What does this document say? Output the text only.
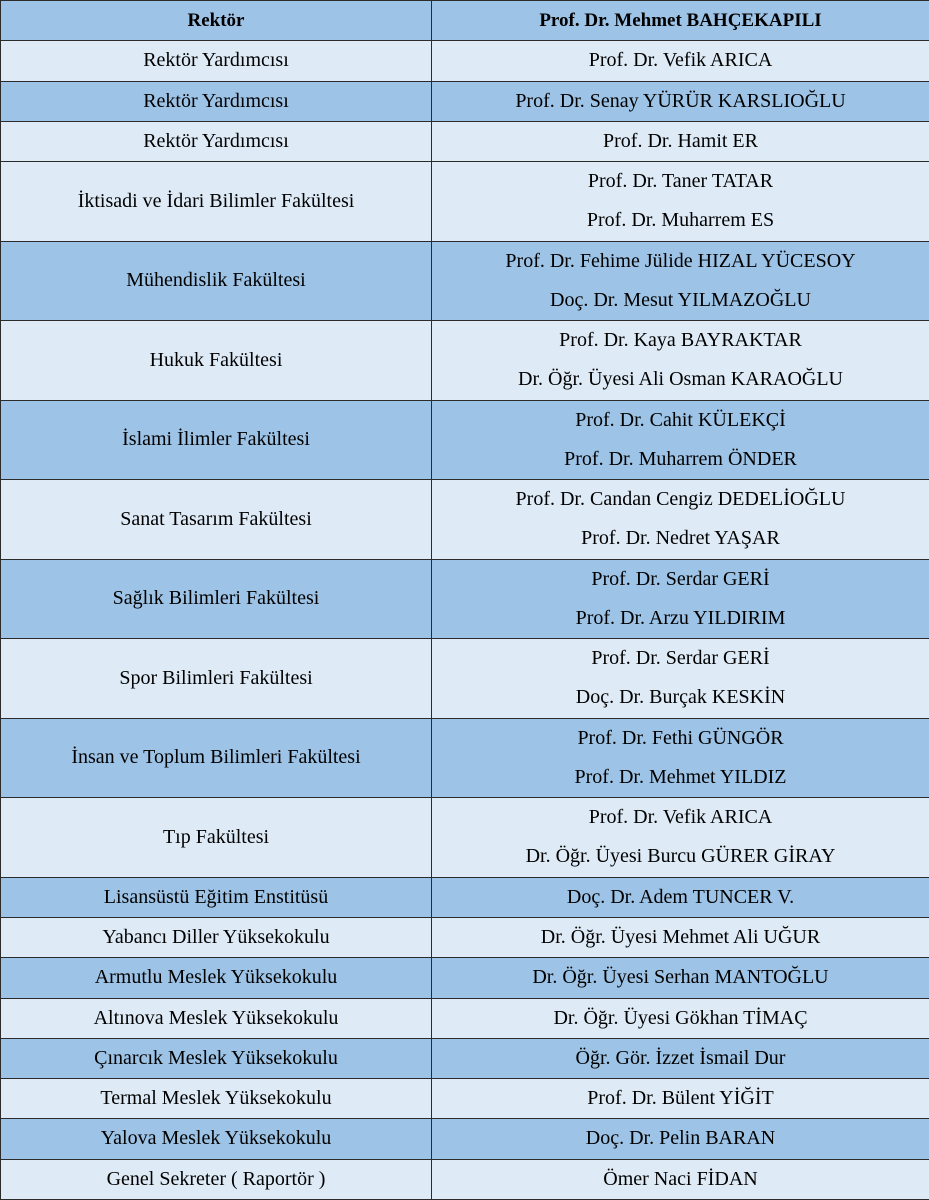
Rektör	Prof. Dr. Mehmet BAHÇEKAPILI

Rektör Yardımcısı	Prof. Dr. Vefik ARICA

Rektör Yardımcısı	Prof. Dr. Senay YÜRÜR KARSLIOĞLU

Rektör Yardımcısı	Prof. Dr. Hamit ER

İktisadi ve İdari Bilimler Fakültesi	Prof. Dr. Taner TATAR
Prof. Dr. Muharrem ES

Mühendislik Fakültesi	Prof. Dr. Fehime Jülide HIZAL YÜCESOY
Doç. Dr. Mesut YILMAZOĞLU

Hukuk Fakültesi	Prof. Dr. Kaya BAYRAKTAR
Dr. Öğr. Üyesi Ali Osman KARAOĞLU

İslami İlimler Fakültesi	Prof. Dr. Cahit KÜLEKÇİ
Prof. Dr. Muharrem ÖNDER

Sanat Tasarım Fakültesi	Prof. Dr. Candan Cengiz DEDELİOĞLU
Prof. Dr. Nedret YAŞAR

Sağlık Bilimleri Fakültesi	Prof. Dr. Serdar GERİ
Prof. Dr. Arzu YILDIRIM

Spor Bilimleri Fakültesi	Prof. Dr. Serdar GERİ
Doç. Dr. Burçak KESKİN

İnsan ve Toplum Bilimleri Fakültesi	Prof. Dr. Fethi GÜNGÖR
Prof. Dr. Mehmet YILDIZ

Tıp Fakültesi	Prof. Dr. Vefik ARICA
Dr. Öğr. Üyesi Burcu GÜRER GİRAY

Lisansüstü Eğitim Enstitüsü	Doç. Dr. Adem TUNCER V.

Yabancı Diller Yüksekokulu	Dr. Öğr. Üyesi Mehmet Ali UĞUR

Armutlu Meslek Yüksekokulu	Dr. Öğr. Üyesi Serhan MANTOĞLU

Altınova Meslek Yüksekokulu	Dr. Öğr. Üyesi Gökhan TİMAÇ

Çınarcık Meslek Yüksekokulu	Öğr. Gör. İzzet İsmail Dur

Termal Meslek Yüksekokulu	Prof. Dr. Bülent YİĞİT

Yalova Meslek Yüksekokulu	Doç. Dr. Pelin BARAN

Genel Sekreter ( Raportör )	Ömer Naci FİDAN
